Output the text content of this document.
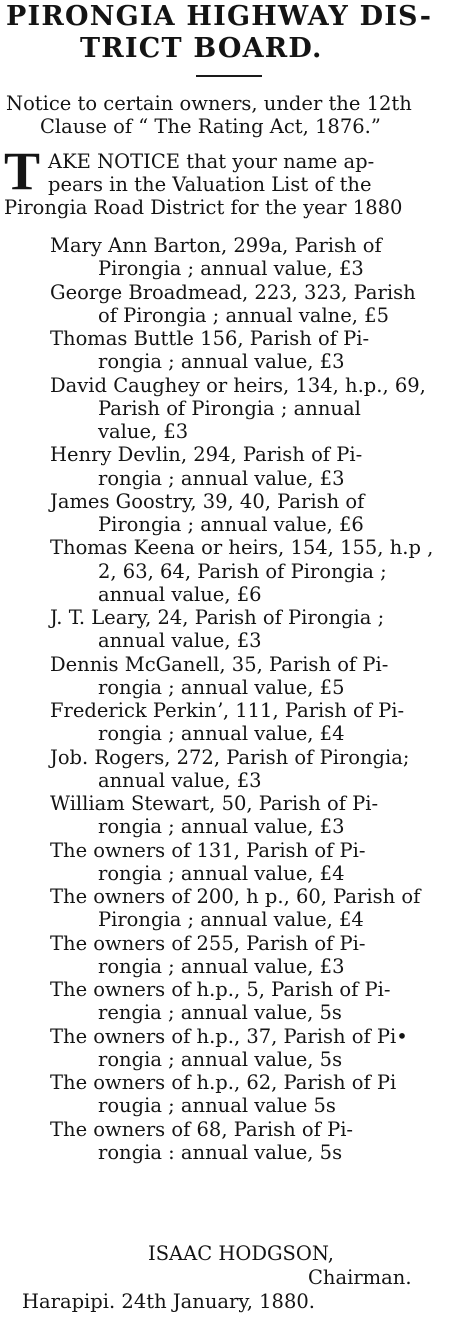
PIRONGIA HIGHWAY DIS-
TRICT BOARD.
Notice to certain owners, under the 12th
Clause of “ The Rating Act, 1876.”
T AKE NOTICE that your name ap-
pears in the Valuation List of the
Pirongia Road District for the year 1880
Mary Ann Barton, 299a, Parish of
Pirongia ; annual value, £3
George Broadmead, 223, 323, Parish
of Pirongia ; annual valne, £5
Thomas Buttle 156, Parish of Pi-
rongia ; annual value, £3
David Caughey or heirs, 134, h.p., 69,
Parish of Pirongia ; annual
value, £3
Henry Devlin, 294, Parish of Pi-
rongia ; annual value, £3
James Goostry, 39, 40, Parish of
Pirongia ; annual value, £6
Thomas Keena or heirs, 154, 155, h.p ,
2, 63, 64, Parish of Pirongia ;
annual value, £6
J. T. Leary, 24, Parish of Pirongia ;
annual value, £3
Dennis McGanell, 35, Parish of Pi-
rongia ; annual value, £5
Frederick Perkinʼ, 111, Parish of Pi-
rongia ; annual value, £4
Job. Rogers, 272, Parish of Pirongia;
annual value, £3
William Stewart, 50, Parish of Pi-
rongia ; annual value, £3
The owners of 131, Parish of Pi-
rongia ; annual value, £4
The owners of 200, h p., 60, Parish of
Pirongia ; annual value, £4
The owners of 255, Parish of Pi-
rongia ; annual value, £3
The owners of h.p., 5, Parish of Pi-
rengia ; annual value, 5s
The owners of h.p., 37, Parish of Pi•
rongia ; annual value, 5s
The owners of h.p., 62, Parish of Pi
rougia ; annual value 5s
The owners of 68, Parish of Pi-
rongia : annual value, 5s
ISAAC HODGSON,
Chairman.
Harapipi. 24th January, 1880.
